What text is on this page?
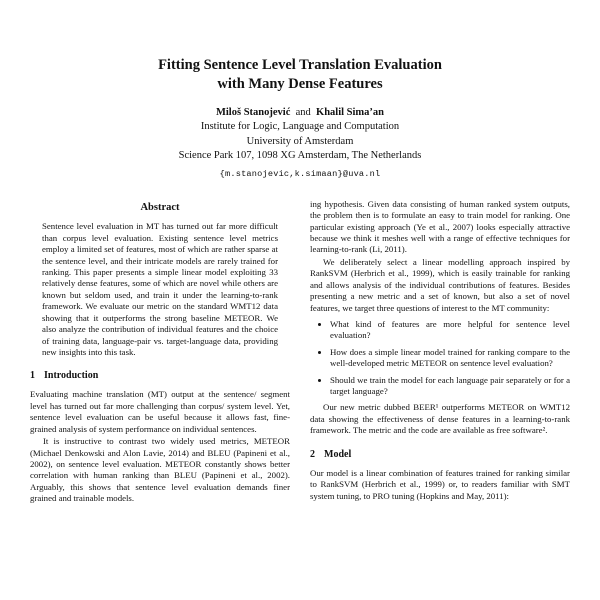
Fitting Sentence Level Translation Evaluation
with Many Dense Features
Miloš Stanojević and Khalil Sima’an
Institute for Logic, Language and Computation
University of Amsterdam
Science Park 107, 1098 XG Amsterdam, The Netherlands
{m.stanojevic,k.simaan}@uva.nl
Abstract

Sentence level evaluation in MT has turned out far more difficult than corpus level evaluation. Existing sentence level metrics employ a limited set of features, most of which are rather sparse at the sentence level, and their intricate models are rarely trained for ranking. This paper presents a simple linear model exploiting 33 relatively dense features, some of which are novel while others are known but seldom used, and train it under the learning-to-rank framework. We evaluate our metric on the standard WMT12 data showing that it outperforms the strong baseline METEOR. We also analyze the contribution of individual features and the choice of training data, language-pair vs. target-language data, providing new insights into this task.

1 Introduction

Evaluating machine translation (MT) output at the sentence/ segment level has turned out far more challenging than corpus/ system level. Yet, sentence level evaluation can be useful because it allows fast, fine-grained analysis of system performance on individual sentences.

It is instructive to contrast two widely used metrics, METEOR (Michael Denkowski and Alon Lavie, 2014) and BLEU (Papineni et al., 2002), on sentence level evaluation. METEOR constantly shows better correlation with human ranking than BLEU (Papineni et al., 2002). Arguably, this shows that sentence level evaluation demands finer grained and trainable models.

ing hypothesis. Given data consisting of human ranked system outputs, the problem then is to formulate an easy to train model for ranking. One particular existing approach (Ye et al., 2007) looks especially attractive because we think it meshes well with a range of effective techniques for learning-to-rank (Li, 2011).

We deliberately select a linear modelling approach inspired by RankSVM (Herbrich et al., 1999), which is easily trainable for ranking and allows analysis of the individual contributions of features. Besides presenting a new metric and a set of known, but also a set of novel features, we target three questions of interest to the MT community:

• What kind of features are more helpful for sentence level evaluation?
• How does a simple linear model trained for ranking compare to the well-developed metric METEOR on sentence level evaluation?
• Should we train the model for each language pair separately or for a target language?

Our new metric dubbed BEER¹ outperforms METEOR on WMT12 data showing the effectiveness of dense features in a learning-to-rank framework. The metric and the code are available as free software².

2 Model

Our model is a linear combination of features trained for ranking similar to RankSVM (Herbrich et al., 1999) or, to readers familiar with SMT system tuning, to PRO tuning (Hopkins and May, 2011):
